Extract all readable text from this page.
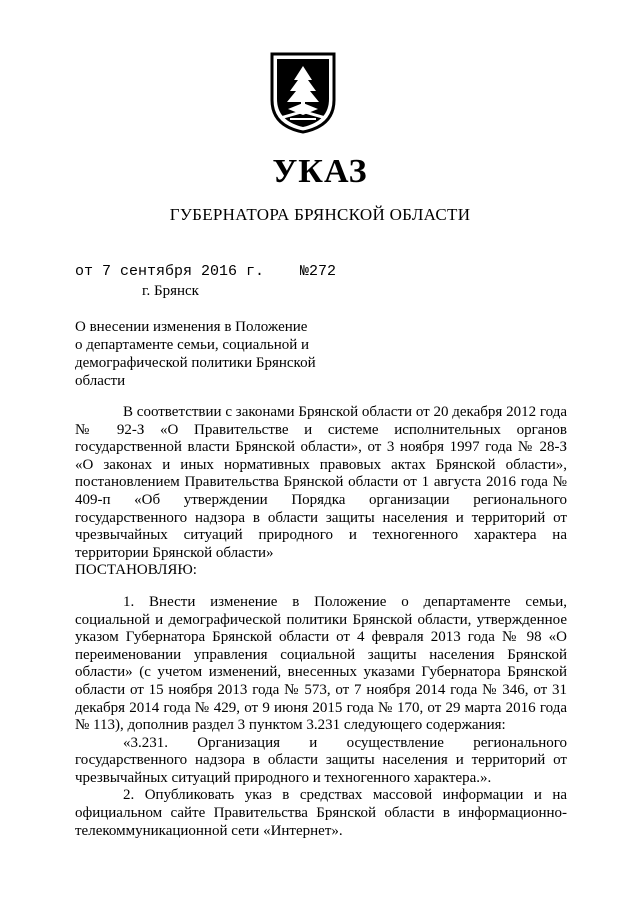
УКАЗ
ГУБЕРНАТОРА БРЯНСКОЙ ОБЛАСТИ
от 7 сентября 2016 г.    №272
г. Брянск
О внесении изменения в Положение
о департаменте семьи, социальной и
демографической политики Брянской
области

В соответствии с законами Брянской области от 20 декабря 2012 года № 92-З «О Правительстве и системе исполнительных органов государственной власти Брянской области», от 3 ноября 1997 года № 28-З «О законах и иных нормативных правовых актах Брянской области», постановлением Правительства Брянской области от 1 августа 2016 года № 409-п «Об утверждении Порядка организации регионального государственного надзора в области защиты населения и территорий от чрезвычайных ситуаций природного и техногенного характера на территории Брянской области»

ПОСТАНОВЛЯЮ:

1. Внести изменение в Положение о департаменте семьи, социальной и демографической политики Брянской области, утвержденное указом Губернатора Брянской области от 4 февраля 2013 года № 98 «О переименовании управления социальной защиты населения Брянской области» (с учетом изменений, внесенных указами Губернатора Брянской области от 15 ноября 2013 года № 573, от 7 ноября 2014 года № 346, от 31 декабря 2014 года № 429, от 9 июня 2015 года № 170, от 29 марта 2016 года № 113), дополнив раздел 3 пунктом 3.231 следующего содержания:

«3.231. Организация и осуществление регионального государственного надзора в области защиты населения и территорий от чрезвычайных ситуаций природного и техногенного характера.».

2. Опубликовать указ в средствах массовой информации и на официальном сайте Правительства Брянской области в информационно-телекоммуникационной сети «Интернет».
